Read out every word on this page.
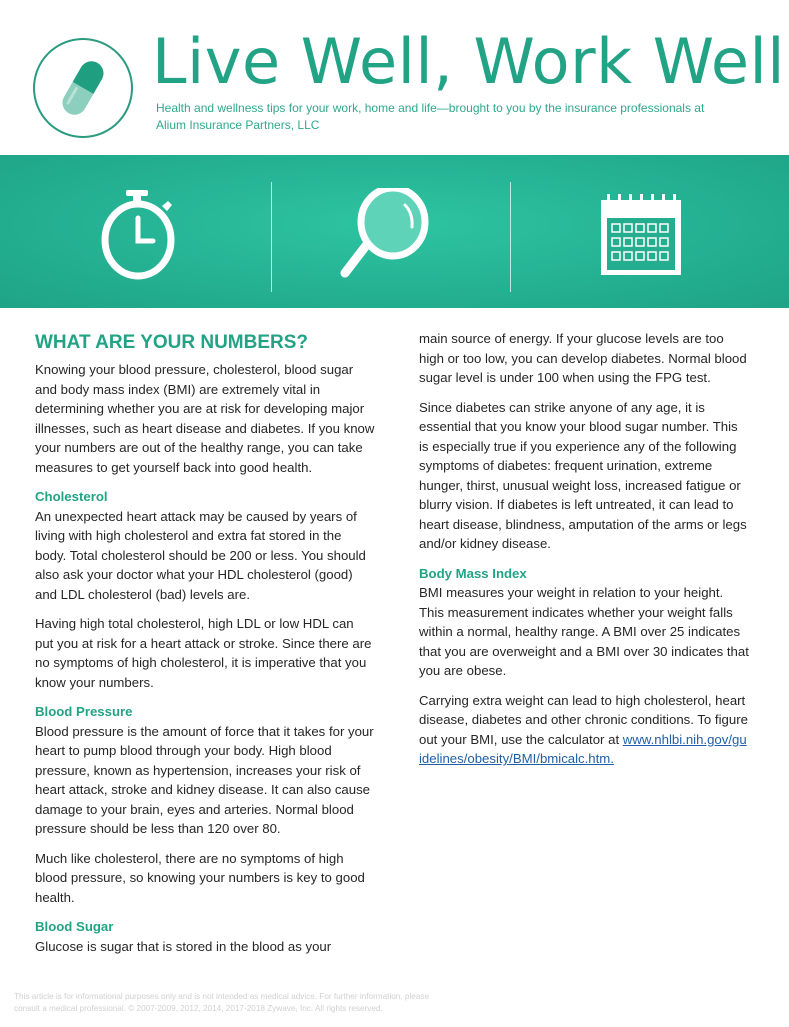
Live Well, Work Well
Health and wellness tips for your work, home and life—brought to you by the insurance professionals at Alium Insurance Partners, LLC
WHAT ARE YOUR NUMBERS?

Knowing your blood pressure, cholesterol, blood sugar and body mass index (BMI) are extremely vital in determining whether you are at risk for developing major illnesses, such as heart disease and diabetes. If you know your numbers are out of the healthy range, you can take measures to get yourself back into good health.

Cholesterol

An unexpected heart attack may be caused by years of living with high cholesterol and extra fat stored in the body. Total cholesterol should be 200 or less. You should also ask your doctor what your HDL cholesterol (good) and LDL cholesterol (bad) levels are.

Having high total cholesterol, high LDL or low HDL can put you at risk for a heart attack or stroke. Since there are no symptoms of high cholesterol, it is imperative that you know your numbers.

Blood Pressure

Blood pressure is the amount of force that it takes for your heart to pump blood through your body. High blood pressure, known as hypertension, increases your risk of heart attack, stroke and kidney disease. It can also cause damage to your brain, eyes and arteries. Normal blood pressure should be less than 120 over 80.

Much like cholesterol, there are no symptoms of high blood pressure, so knowing your numbers is key to good health.

Blood Sugar

Glucose is sugar that is stored in the blood as your

main source of energy. If your glucose levels are too high or too low, you can develop diabetes. Normal blood sugar level is under 100 when using the FPG test.

Since diabetes can strike anyone of any age, it is essential that you know your blood sugar number. This is especially true if you experience any of the following symptoms of diabetes: frequent urination, extreme hunger, thirst, unusual weight loss, increased fatigue or blurry vision. If diabetes is left untreated, it can lead to heart disease, blindness, amputation of the arms or legs and/or kidney disease.

Body Mass Index

BMI measures your weight in relation to your height. This measurement indicates whether your weight falls within a normal, healthy range. A BMI over 25 indicates that you are overweight and a BMI over 30 indicates that you are obese.

Carrying extra weight can lead to high cholesterol, heart disease, diabetes and other chronic conditions. To figure out your BMI, use the calculator at www.nhlbi.nih.gov/guidelines/obesity/BMI/bmicalc.htm.

This article is for informational purposes only and is not intended as medical advice. For further information, please consult a medical professional. © 2007-2009, 2012, 2014, 2017-2018 Zywave, Inc. All rights reserved.
